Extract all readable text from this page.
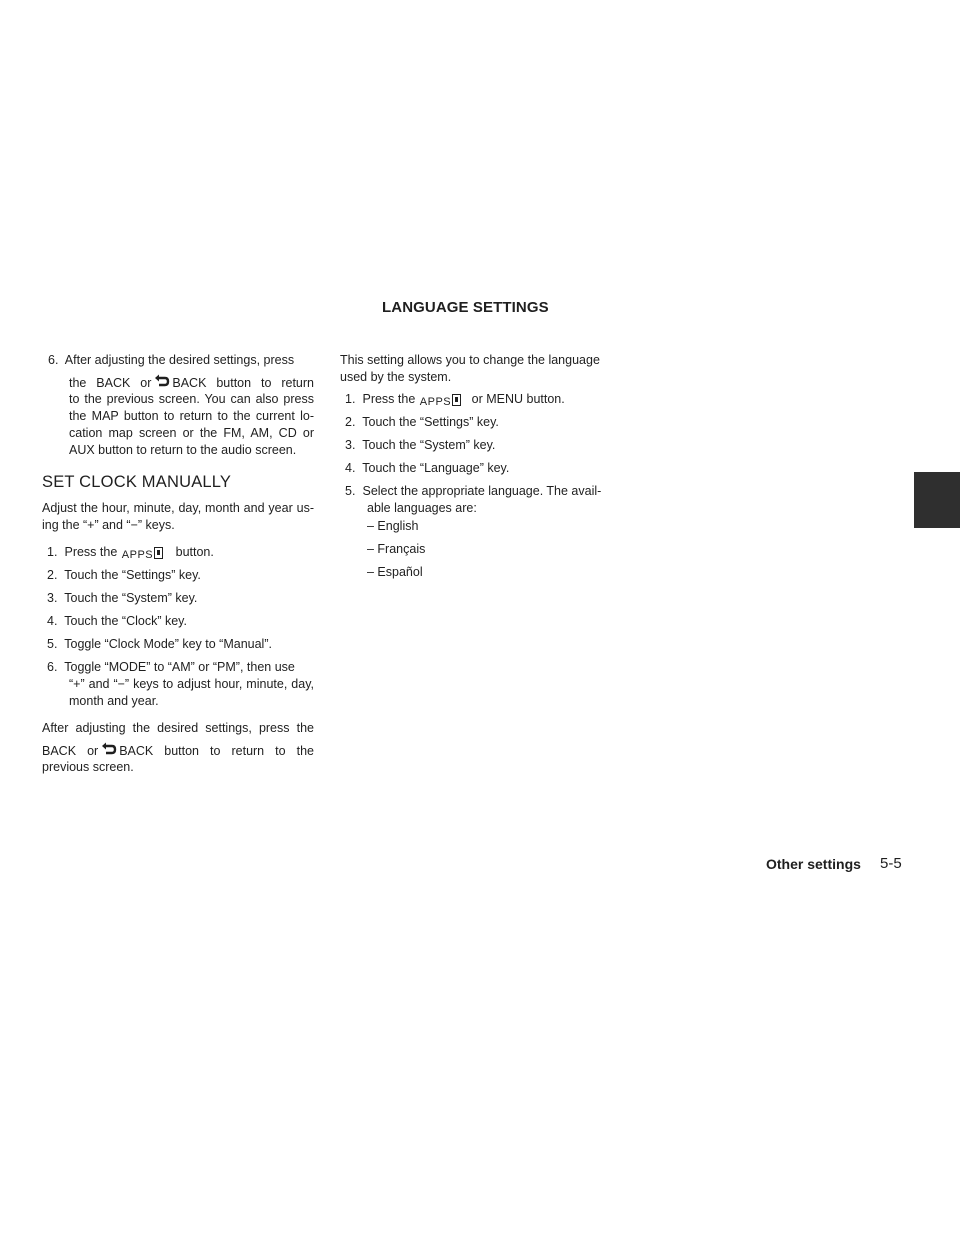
LANGUAGE SETTINGS

6. After adjusting the desired settings, press

the BACK or BACK button to return

to the previous screen. You can also press

the MAP button to return to the current lo-

cation map screen or the FM, AM, CD or

AUX button to return to the audio screen.

SET CLOCK MANUALLY

Adjust the hour, minute, day, month and year us-

ing the “+” and “−” keys.

1. Press the APPS button.

2. Touch the “Settings” key.

3. Touch the “System” key.

4. Touch the “Clock” key.

5. Toggle “Clock Mode” key to “Manual”.

6. Toggle “MODE” to “AM” or “PM”, then use

“+” and “−” keys to adjust hour, minute, day,

month and year.

After adjusting the desired settings, press the

BACK or BACK button to return to the

previous screen.

This setting allows you to change the language

used by the system.

1. Press the APPS or MENU button.

2. Touch the “Settings” key.

3. Touch the “System” key.

4. Touch the “Language” key.

5. Select the appropriate language. The avail-

able languages are:

– English

– Français

– Español

Other settings 5-5
